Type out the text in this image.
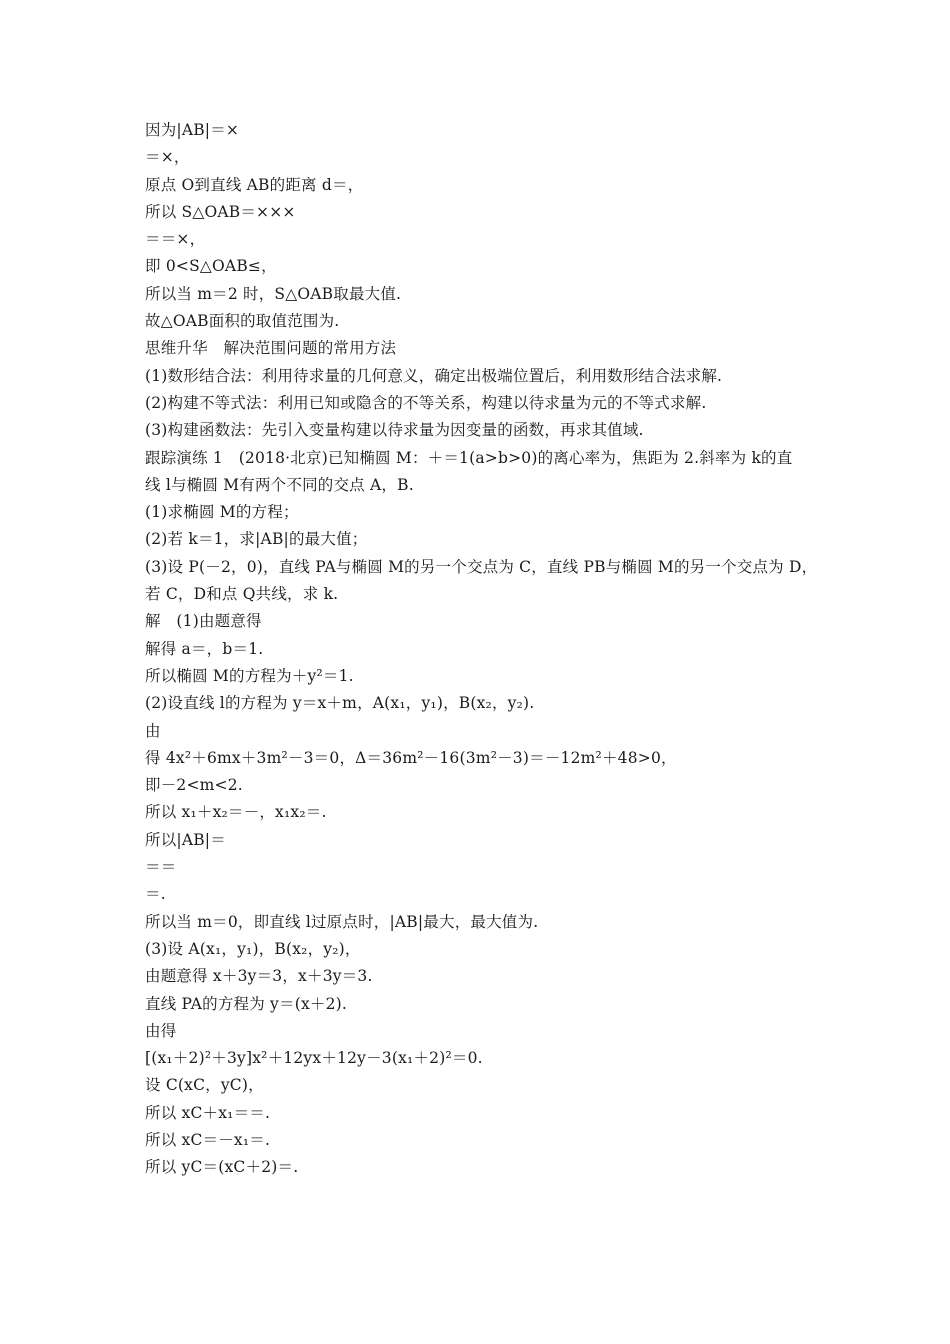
因为|AB|＝×
＝×，
原点 O到直线 AB的距离 d＝，
所以 S△OAB＝×××
＝＝×，
即 0<S△OAB≤，
所以当 m＝2 时，S△OAB取最大值.
故△OAB面积的取值范围为.
思维升华　解决范围问题的常用方法
(1)数形结合法：利用待求量的几何意义，确定出极端位置后，利用数形结合法求解.
(2)构建不等式法：利用已知或隐含的不等关系，构建以待求量为元的不等式求解.
(3)构建函数法：先引入变量构建以待求量为因变量的函数，再求其值域.
跟踪演练 1　(2018·北京)已知椭圆 M：＋＝1(a>b>0)的离心率为，焦距为 2.斜率为 k的直
线 l与椭圆 M有两个不同的交点 A，B.
(1)求椭圆 M的方程；
(2)若 k＝1，求|AB|的最大值；
(3)设 P(－2，0)，直线 PA与椭圆 M的另一个交点为 C，直线 PB与椭圆 M的另一个交点为 D，
若 C，D和点 Q共线，求 k.
解　(1)由题意得
解得 a＝，b＝1.
所以椭圆 M的方程为＋y²＝1.
(2)设直线 l的方程为 y＝x＋m，A(x₁，y₁)，B(x₂，y₂).
由
得 4x²＋6mx＋3m²－3＝0，Δ＝36m²－16(3m²－3)＝－12m²＋48>0，
即－2<m<2.
所以 x₁＋x₂＝－，x₁x₂＝.
所以|AB|＝
＝＝
＝.
所以当 m＝0，即直线 l过原点时，|AB|最大，最大值为.
(3)设 A(x₁，y₁)，B(x₂，y₂)，
由题意得 x＋3y＝3，x＋3y＝3.
直线 PA的方程为 y＝(x＋2).
由得
[(x₁＋2)²＋3y]x²＋12yx＋12y－3(x₁＋2)²＝0.
设 C(xC，yC)，
所以 xC＋x₁＝＝.
所以 xC＝－x₁＝.
所以 yC＝(xC＋2)＝.
